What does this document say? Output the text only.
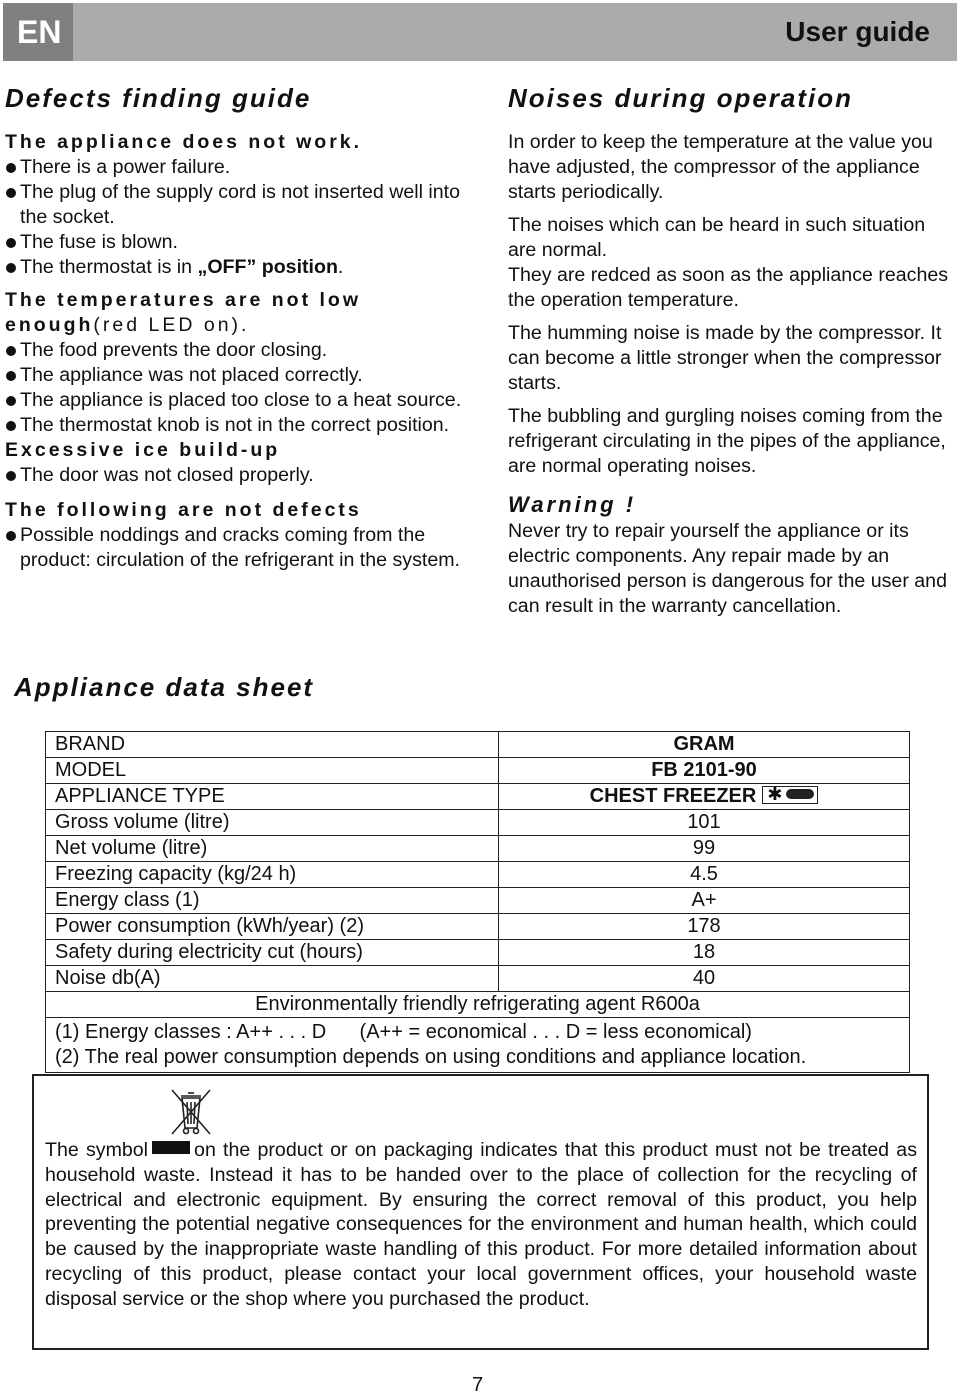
EN	User guide
Defects finding guide
The appliance does not work.
There is a power failure.
The plug of the supply cord is not inserted well into the socket.
The fuse is blown.
The thermostat is in „OFF” position.
The temperatures are not low enough(red LED on).
The food prevents the door closing.
The appliance was not placed correctly.
The appliance is placed too close to a heat source.
The thermostat knob is not in the correct position.
Excessive ice build-up
The door was not closed properly.
The following are not defects
Possible noddings and cracks coming from the product: circulation of the refrigerant in the system.
Noises during operation

In order to keep the temperature at the value you have adjusted, the compressor of the appliance starts periodically.

The noises which can be heard in such situation are normal.

They are redced as soon as the appliance reaches the operation temperature.

The humming noise is made by the compressor. It can become a little stronger when the compressor starts.

The bubbling and gurgling noises coming from the refrigerant circulating in the pipes of the appliance, are normal operating noises.

Warning !

Never try to repair yourself the appliance or its electric components. Any repair made by an unauthorised person is dangerous for the user and can result in the warranty cancellation.

Appliance data sheet
BRAND	GRAM
MODEL	FB 2101-90
APPLIANCE TYPE	CHEST FREEZER ✱

Gross volume (litre)	101
Net volume (litre)	99
Freezing capacity (kg/24 h)	4.5
Energy class (1)	A+
Power consumption (kWh/year) (2)	178
Safety during electricity cut (hours)	18
Noise db(A)	40
Environmentally friendly refrigerating agent R600a	

(1) Energy classes : A++ . . . D      (A++ = economical . . . D = less economical)
(2) The real power consumption depends on using conditions and appliance location.	
The symbol on the product or on packaging indicates that this product must not be treated as household waste. Instead it has to be handed over to the place of collection for the recycling of electrical and electronic equipment. By ensuring the correct removal of this product, you help preventing the potential negative consequences for the environment and human health, which could be caused by the inappropriate waste handling of this product. For more detailed information about recycling of this product, please contact your local government offices, your household waste disposal service or the shop where you purchased the product.
7
